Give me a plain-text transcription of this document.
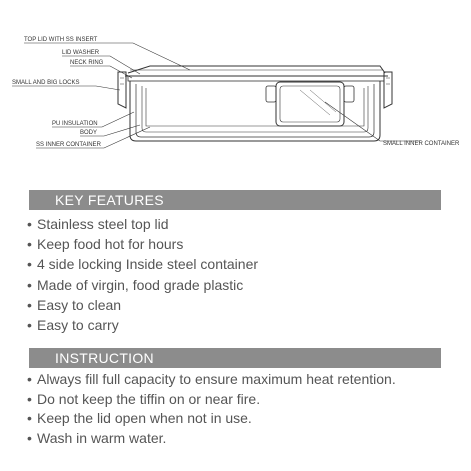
TOP LID WITH SS INSERT
LID WASHER
NECK RING
SMALL AND BIG LOCKS
PU INSULATION
BODY
SS INNER CONTAINER	SMALL INNER CONTAINER
KEY FEATURES
• Stainless steel top lid
• Keep food hot for hours
• 4 side locking Inside steel container
• Made of virgin, food grade plastic
• Easy to clean
• Easy to carry
INSTRUCTION
• Always fill full capacity to ensure maximum heat retention.
• Do not keep the tiffin on or near fire.
• Keep the lid open when not in use.
• Wash in warm water.
